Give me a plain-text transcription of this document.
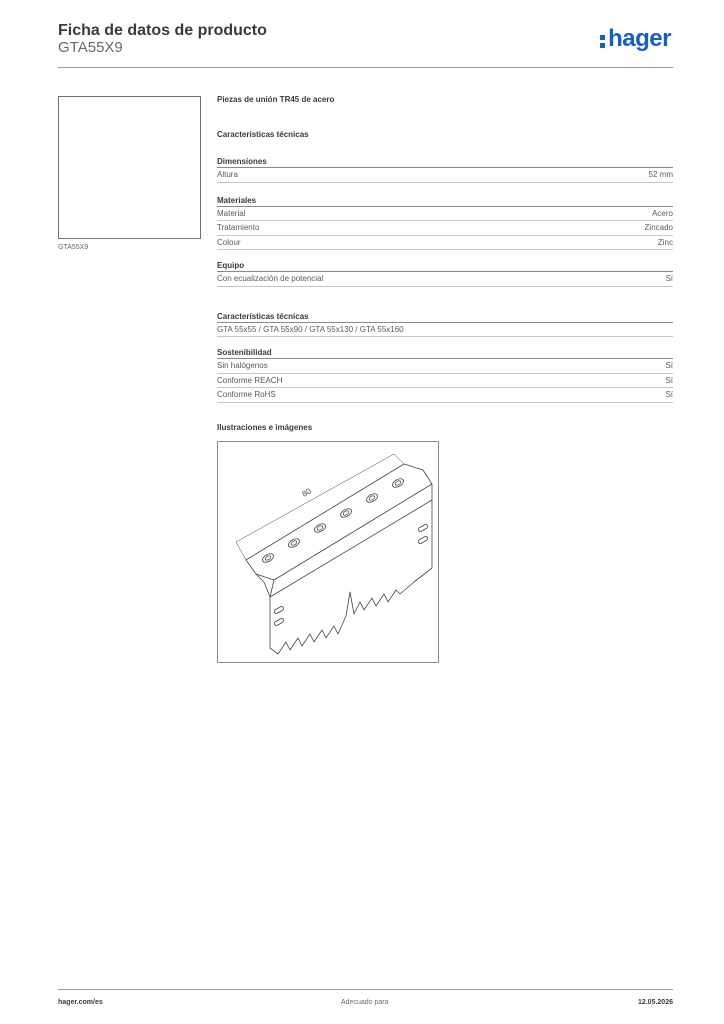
Ficha de datos de producto
GTA55X9	hager
GTA55X9
Piezas de unión TR45 de acero
Características técnicas
Dimensiones
Altura	52 mm
Materiales
Material	Acero
Tratamiento	Zincado
Colour	Zinc
Equipo
Con ecualización de potencial	Sí
Características técnicas
GTA 55x55 / GTA 55x90 / GTA 55x130 / GTA 55x160
Sostenibilidad
Sin halógenos	Sí
Conforme REACH	Sí
Conforme RoHS	Sí
Ilustraciones e imágenes
80
hager.com/es	Adecuado para	12.05.2026
